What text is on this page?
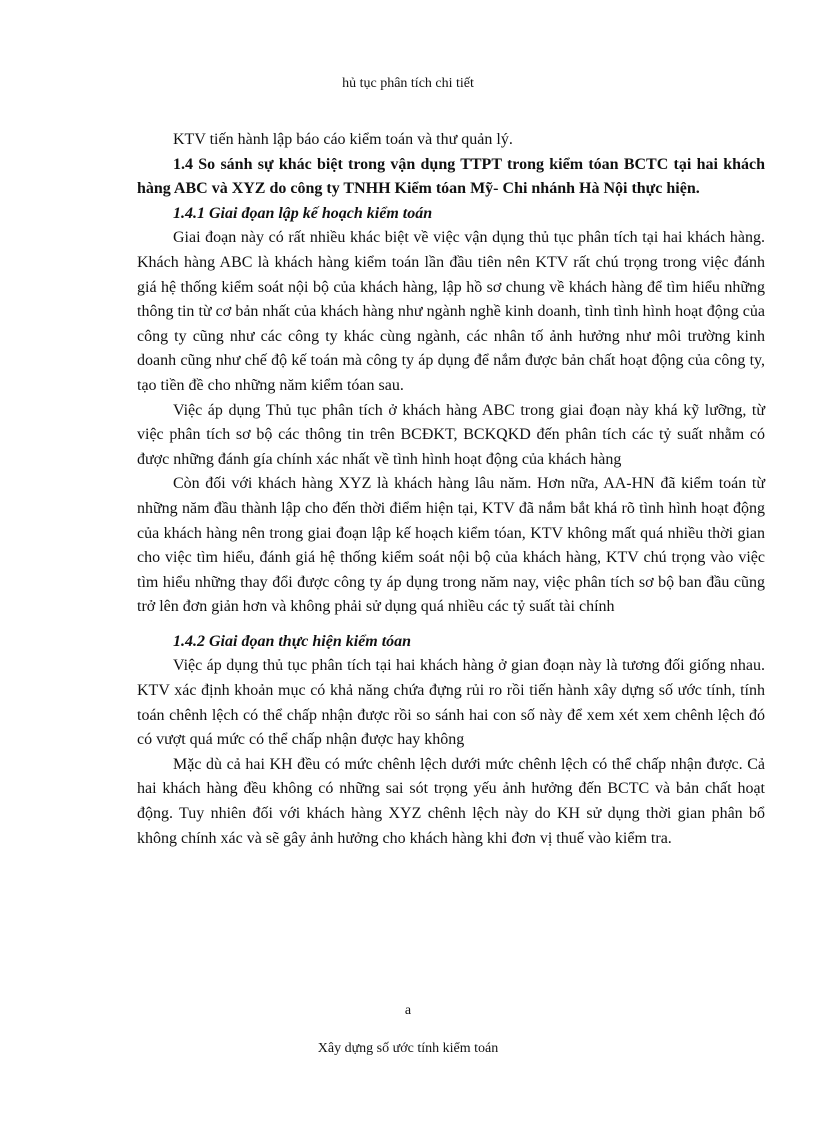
hủ tục phân tích chi tiết

KTV tiến hành lập báo cáo kiểm toán và thư quản lý.

1.4 So sánh sự khác biệt trong vận dụng TTPT trong kiểm tóan BCTC tại hai khách hàng ABC và XYZ do công ty TNHH Kiểm tóan Mỹ- Chi nhánh Hà Nội thực hiện.

1.4.1 Giai đọan lập kế hoạch kiểm toán

Giai đoạn này có rất nhiều khác biệt về việc vận dụng thủ tục phân tích tại hai khách hàng. Khách hàng ABC là khách hàng kiểm toán lần đầu tiên nên KTV rất chú trọng trong việc đánh giá hệ thống kiểm soát nội bộ của khách hàng, lập hồ sơ chung về khách hàng để tìm hiểu những thông tin từ cơ bản nhất của khách hàng như ngành nghề kinh doanh, tình tình hình hoạt động của công ty cũng như các công ty khác cùng ngành, các nhân tố ảnh hưởng như môi trường kinh doanh cũng như chế độ kế toán mà công ty áp dụng để nắm được bản chất hoạt động của công ty, tạo tiền đề cho những năm kiểm tóan sau.

Việc áp dụng Thủ tục phân tích ở khách hàng ABC trong giai đoạn này khá kỹ lưỡng, từ việc phân tích sơ bộ các thông tin trên BCĐKT, BCKQKD đến phân tích các tỷ suất nhằm có được những đánh gía chính xác nhất về tình hình hoạt động của khách hàng

Còn đối với khách hàng XYZ là khách hàng lâu năm. Hơn nữa, AA-HN đã kiểm toán từ những năm đầu thành lập cho đến thời điểm hiện tại, KTV đã nắm bắt khá rõ tình hình hoạt động của khách hàng nên trong giai đoạn lập kế hoạch kiểm tóan, KTV không mất quá nhiều thời gian cho việc tìm hiểu, đánh giá hệ thống kiểm soát nội bộ của khách hàng, KTV chú trọng vào việc tìm hiểu những thay đổi được công ty áp dụng trong năm nay, việc phân tích sơ bộ ban đầu cũng trở lên đơn giản hơn và không phải sử dụng quá nhiều các tỷ suất tài chính

1.4.2 Giai đọan thực hiện kiểm tóan

Việc áp dụng thủ tục phân tích tại hai khách hàng ở gian đoạn này là tương đối giống nhau. KTV xác định khoản mục có khả năng chứa đựng rủi ro rồi tiến hành xây dựng số ước tính, tính toán chênh lệch có thể chấp nhận được rồi so sánh hai con số này để xem xét xem chênh lệch đó có vượt quá mức có thể chấp nhận được hay không

Mặc dù cả hai KH đều có mức chênh lệch dưới mức chênh lệch có thể chấp nhận được. Cả hai khách hàng đều không có những sai sót trọng yếu ảnh hưởng đến BCTC và bản chất hoạt động. Tuy nhiên đối với khách hàng XYZ chênh lệch này do KH sử dụng thời gian phân bổ không chính xác và sẽ gây ảnh hưởng cho khách hàng khi đơn vị thuế vào kiểm tra.

a
Xây dựng số ước tính kiểm toán
